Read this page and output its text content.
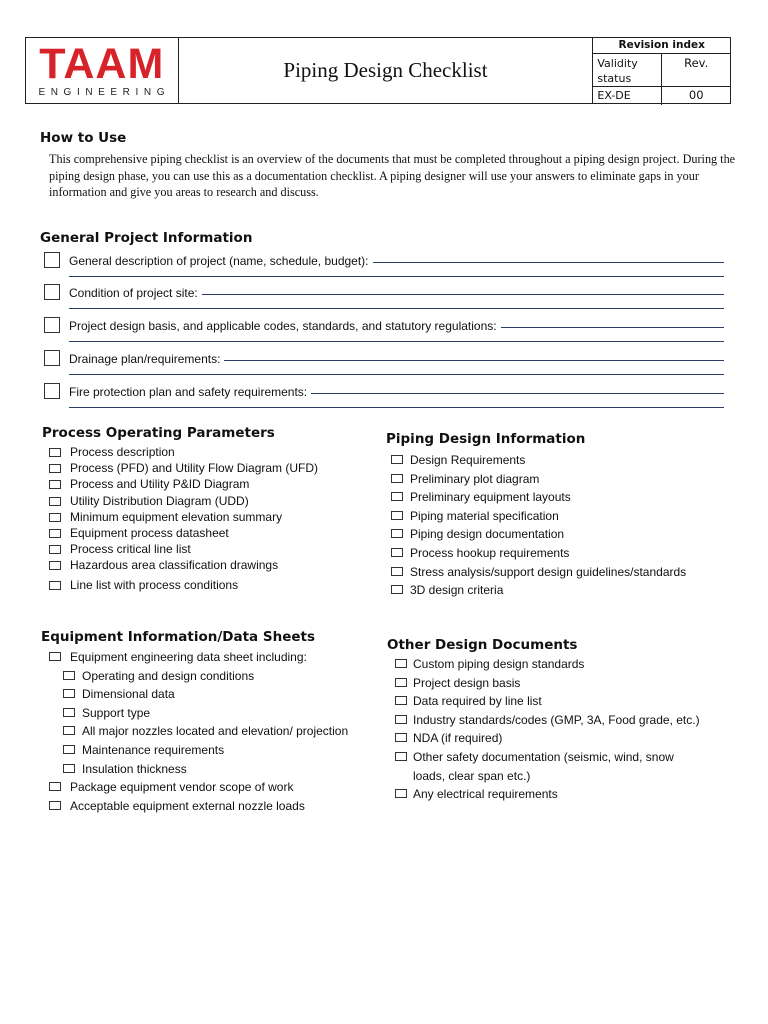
TAAM
ENGINEERING
Piping Design Checklist
Revision index
Validity status
Rev.
EX-DE	00
How to Use
This comprehensive piping checklist is an overview of the documents that must be completed throughout a piping design project. During the piping design phase, you can use this as a documentation checklist. A piping designer will use your answers to eliminate gaps in your information and give you areas to research and discuss.
General Project Information
General description of project (name, schedule, budget):
Condition of project site:
Project design basis, and applicable codes, standards, and statutory regulations:
Drainage plan/requirements:
Fire protection plan and safety requirements:
Process Operating Parameters
Process description
Process (PFD) and Utility Flow Diagram (UFD)
Process and Utility P&ID Diagram
Utility Distribution Diagram (UDD)
Minimum equipment elevation summary
Equipment process datasheet
Process critical line list
Hazardous area classification drawings
Line list with process conditions
Piping Design Information
Design Requirements
Preliminary plot diagram
Preliminary equipment layouts
Piping material specification
Piping design documentation
Process hookup requirements
Stress analysis/support design guidelines/standards
3D design criteria
Equipment Information/Data Sheets
Equipment engineering data sheet including:
Operating and design conditions
Dimensional data
Support type
All major nozzles located and elevation/ projection
Maintenance requirements
Insulation thickness
Package equipment vendor scope of work
Acceptable equipment external nozzle loads
Other Design Documents
Custom piping design standards
Project design basis
Data required by line list
Industry standards/codes (GMP, 3A, Food grade, etc.)
NDA (if required)
Other safety documentation (seismic, wind, snow loads, clear span etc.)
Any electrical requirements
